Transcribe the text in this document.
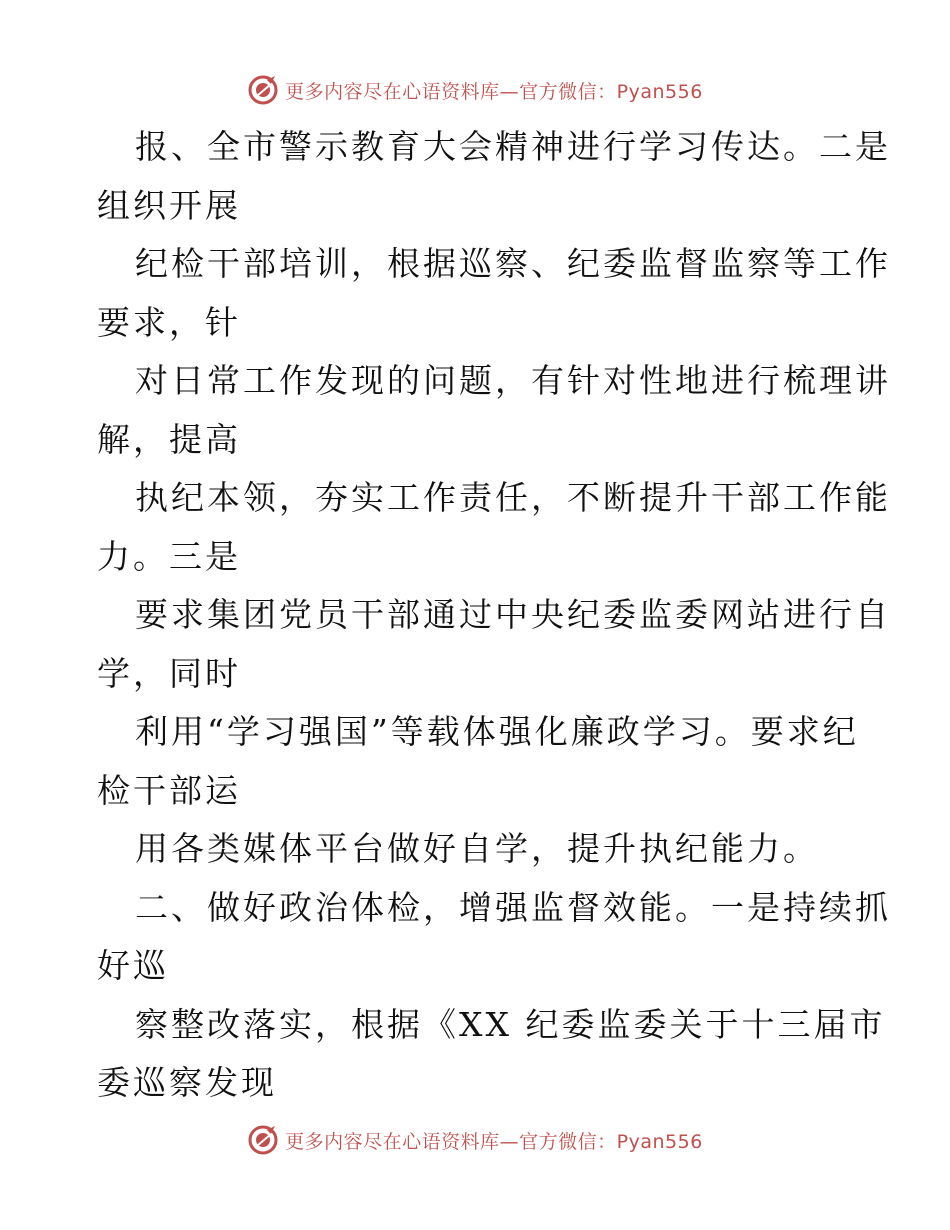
更多内容尽在心语资料库—官方微信：Pyan556
报、全市警示教育大会精神进行学习传达。二是
组织开展
纪检干部培训，根据巡察、纪委监督监察等工作
要求，针
对日常工作发现的问题，有针对性地进行梳理讲
解，提高
执纪本领，夯实工作责任，不断提升干部工作能
力。三是
要求集团党员干部通过中央纪委监委网站进行自
学，同时
利用“学习强国”等载体强化廉政学习。要求纪
检干部运
用各类媒体平台做好自学，提升执纪能力。
二、做好政治体检，增强监督效能。一是持续抓
好巡
察整改落实，根据《XX 纪委监委关于十三届市
委巡察发现
更多内容尽在心语资料库—官方微信：Pyan556
